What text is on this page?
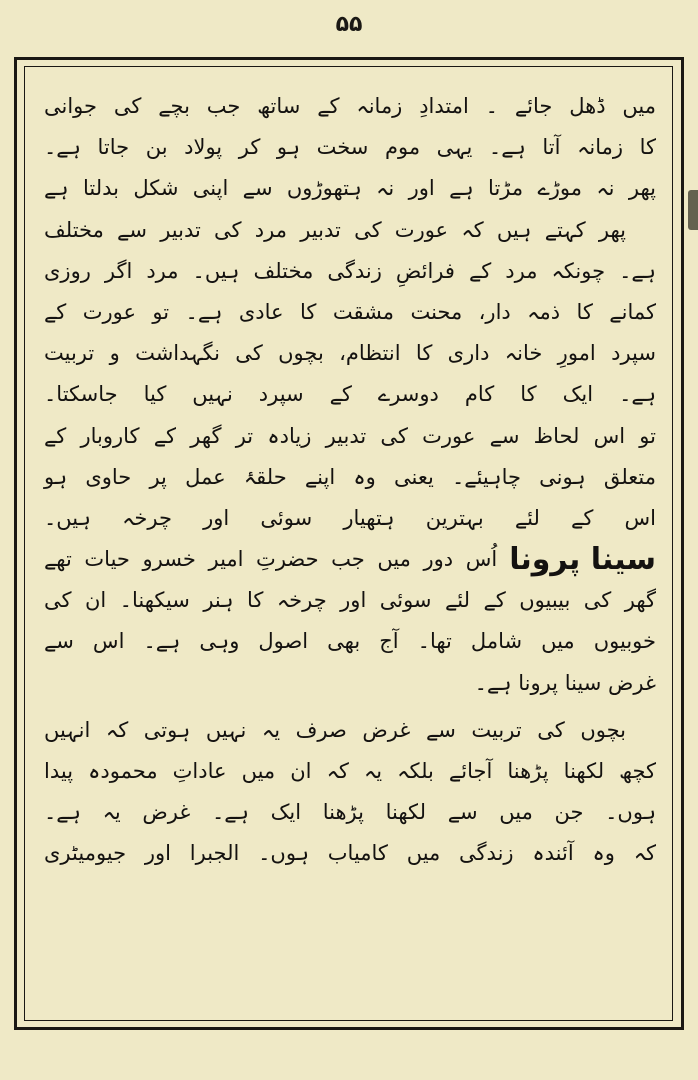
۵۵
میں ڈھل جائے ۔ امتدادِ زمانہ کے ساتھ جب بچے کی جوانی
کا زمانہ آتا ہے۔ یہی موم سخت ہو کر پولاد بن جاتا ہے۔
پھر نہ موڑے مڑتا ہے اور نہ ہتھوڑوں سے اپنی شکل بدلتا ہے
پھر کہتے ہیں کہ عورت کی تدبیر مرد کی تدبیر سے مختلف
ہے۔ چونکہ مرد کے فرائضِ زندگی مختلف ہیں۔ مرد اگر روزی
کمانے کا ذمہ دار، محنت مشقت کا عادی ہے۔ تو عورت کے
سپرد امورِ خانہ داری کا انتظام، بچوں کی نگہداشت و تربیت
ہے۔ ایک کا کام دوسرے کے سپرد نہیں کیا جاسکتا۔
تو اس لحاظ سے عورت کی تدبیر زیادہ تر گھر کے کاروبار کے
متعلق ہونی چاہیئے۔ یعنی وہ اپنے حلقۂ عمل پر حاوی ہو
اس کے لئے بہترین ہتھیار سوئی اور چرخہ ہیں۔
سینا پرونا
اُس دور میں جب حضرتِ امیر خسرو حیات تھے
گھر کی بیبیوں کے لئے سوئی اور چرخہ کا ہنر سیکھنا۔ ان کی
خوبیوں میں شامل تھا۔ آج بھی اصول وہی ہے۔ اس سے
غرض سینا پرونا ہے۔
بچوں کی تربیت سے غرض صرف یہ نہیں ہوتی کہ انہیں
کچھ لکھنا پڑھنا آجائے بلکہ یہ کہ ان میں عاداتِ محمودہ پیدا
ہوں۔ جن میں سے لکھنا پڑھنا ایک ہے۔ غرض یہ ہے۔
کہ وہ آئندہ زندگی میں کامیاب ہوں۔ الجبرا اور جیومیٹری
